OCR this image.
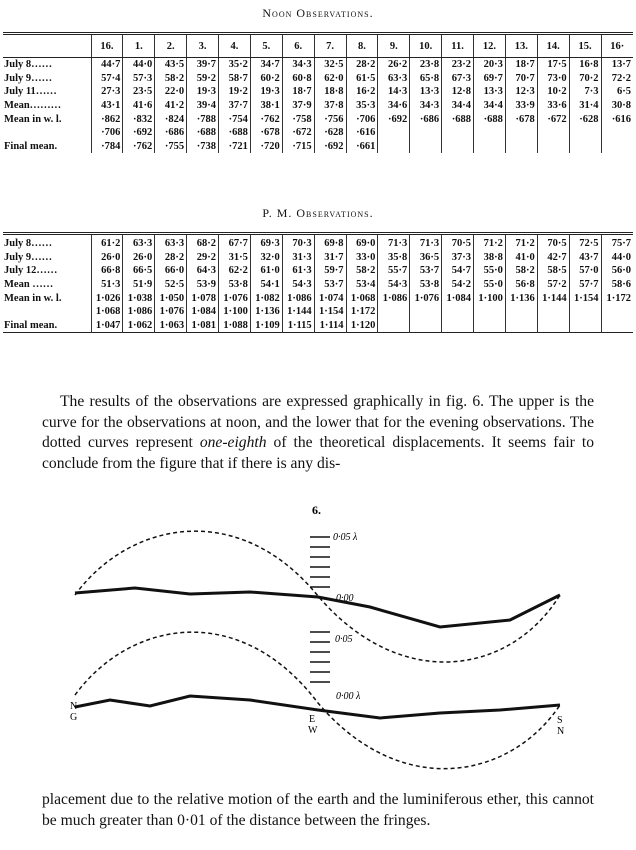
Noon Observations.
	16.	1.	2.	3.	4.	5.	6.	7.	8.	9.	10.	11.	12.	13.	14.	15.	16·
July 8……	44·7	44·0	43·5	39·7	35·2	34·7	34·3	32·5	28·2	26·2	23·8	23·2	20·3	18·7	17·5	16·8	13·7
July 9……	57·4	57·3	58·2	59·2	58·7	60·2	60·8	62·0	61·5	63·3	65·8	67·3	69·7	70·7	73·0	70·2	72·2
July 11……	27·3	23·5	22·0	19·3	19·2	19·3	18·7	18·8	16·2	14·3	13·3	12·8	13·3	12·3	10·2	7·3	6·5
Mean………	43·1	41·6	41·2	39·4	37·7	38·1	37·9	37·8	35·3	34·6	34·3	34·4	34·4	33·9	33·6	31·4	30·8
Mean in w. l.	·862	·832	·824	·788	·754	·762	·758	·756	·706	·692	·686	·688	·688	·678	·672	·628	·616
	·706	·692	·686	·688	·688	·678	·672	·628	·616								
Final mean.	·784	·762	·755	·738	·721	·720	·715	·692	·661								
P. M. Observations.
July 8……	61·2	63·3	63·3	68·2	67·7	69·3	70·3	69·8	69·0	71·3	71·3	70·5	71·2	71·2	70·5	72·5	75·7
July 9……	26·0	26·0	28·2	29·2	31·5	32·0	31·3	31·7	33·0	35·8	36·5	37·3	38·8	41·0	42·7	43·7	44·0
July 12……	66·8	66·5	66·0	64·3	62·2	61·0	61·3	59·7	58·2	55·7	53·7	54·7	55·0	58·2	58·5	57·0	56·0
Mean ……	51·3	51·9	52·5	53·9	53·8	54·1	54·3	53·7	53·4	54·3	53·8	54·2	55·0	56·8	57·2	57·7	58·6
Mean in w. l.	1·026	1·038	1·050	1·078	1·076	1·082	1·086	1·074	1·068	1·086	1·076	1·084	1·100	1·136	1·144	1·154	1·172
	1·068	1·086	1·076	1·084	1·100	1·136	1·144	1·154	1·172								
Final mean.	1·047	1·062	1·063	1·081	1·088	1·109	1·115	1·114	1·120								
The results of the observations are expressed graphically in fig. 6. The upper is the curve for the observations at noon, and the lower that for the evening observations. The dotted curves represent one-eighth of the theoretical displacements. It seems fair to conclude from the figure that if there is any dis-
6.
0·05 λ
0·00
0·05
0·00 λ
N
G	E
W
S
N
placement due to the relative motion of the earth and the luminiferous ether, this cannot be much greater than 0·01 of the distance between the fringes.
